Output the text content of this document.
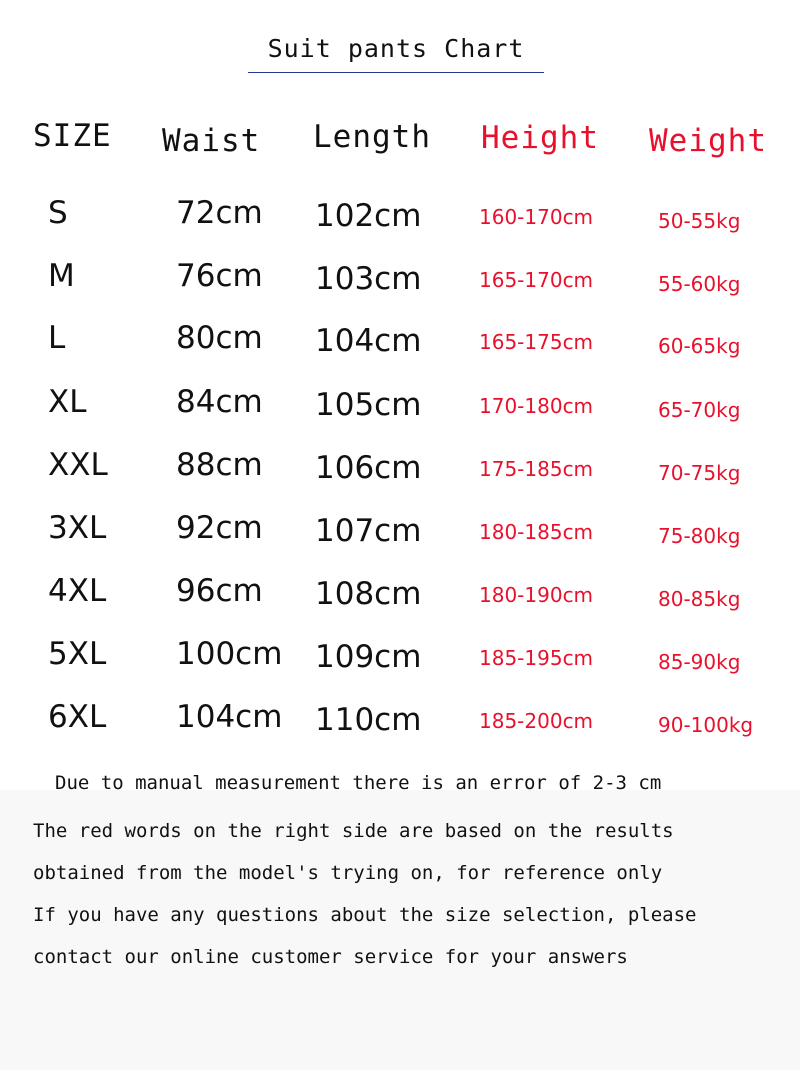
Suit pants Chart
SIZE Waist Length Height Weight
S	72cm 102cm	160-170cm	50-55kg
M	76cm 103cm	165-170cm	55-60kg
L	80cm 104cm	165-175cm	60-65kg
XL	84cm 105cm	170-180cm	65-70kg
XXL 88cm 106cm	175-185cm	70-75kg
3XL 92cm 107cm	180-185cm	75-80kg
4XL 96cm 108cm	180-190cm	80-85kg
5XL 100cm 109cm	185-195cm	85-90kg
6XL 104cm 110cm	185-200cm	90-100kg
Due to manual measurement there is an error of 2-3 cm
The red words on the right side are based on the results
obtained from the model's trying on, for reference only
If you have any questions about the size selection, please
contact our online customer service for your answers
